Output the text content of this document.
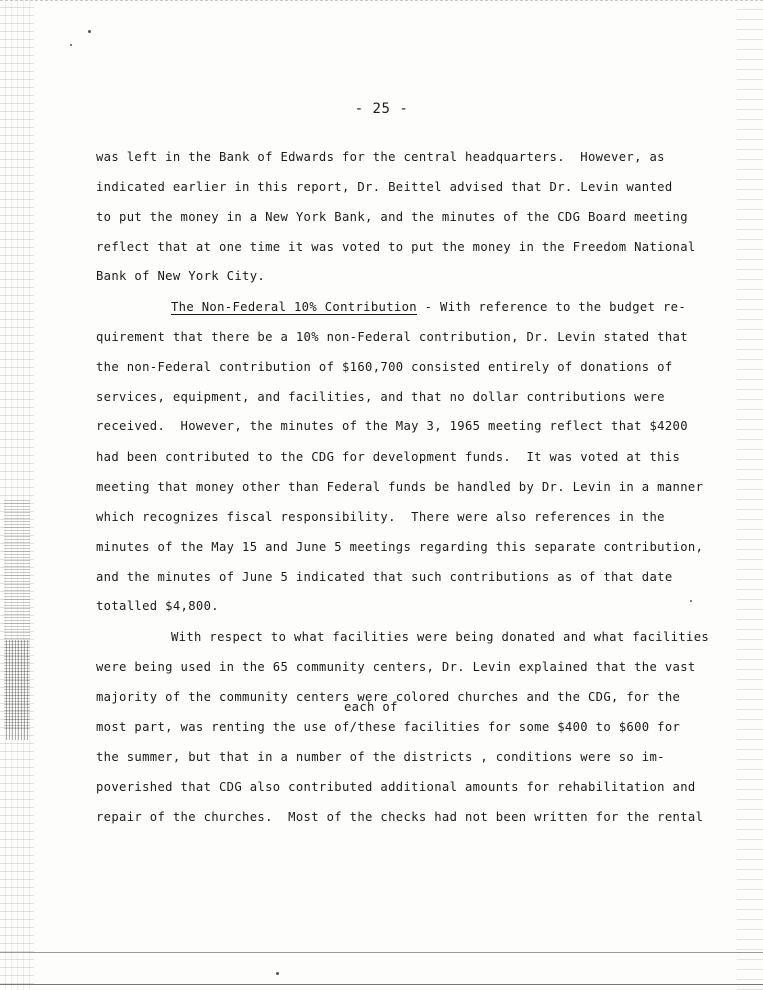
- 25 -
was left in the Bank of Edwards for the central headquarters.  However, as
indicated earlier in this report, Dr. Beittel advised that Dr. Levin wanted
to put the money in a New York Bank, and the minutes of the CDG Board meeting
reflect that at one time it was voted to put the money in the Freedom National
Bank of New York City.
The Non-Federal 10% Contribution - With reference to the budget re-
quirement that there be a 10% non-Federal contribution, Dr. Levin stated that
the non-Federal contribution of $160,700 consisted entirely of donations of
services, equipment, and facilities, and that no dollar contributions were
received.  However, the minutes of the May 3, 1965 meeting reflect that $4200
had been contributed to the CDG for development funds.  It was voted at this
meeting that money other than Federal funds be handled by Dr. Levin in a manner
which recognizes fiscal responsibility.  There were also references in the
minutes of the May 15 and June 5 meetings regarding this separate contribution,
and the minutes of June 5 indicated that such contributions as of that date
totalled $4,800.
With respect to what facilities were being donated and what facilities
were being used in the 65 community centers, Dr. Levin explained that the vast
majority of the community centers were colored churches and the CDG, for the
each of
most part, was renting the use of/these facilities for some $400 to $600 for
the summer, but that in a number of the districts , conditions were so im-
poverished that CDG also contributed additional amounts for rehabilitation and
repair of the churches.  Most of the checks had not been written for the rental
